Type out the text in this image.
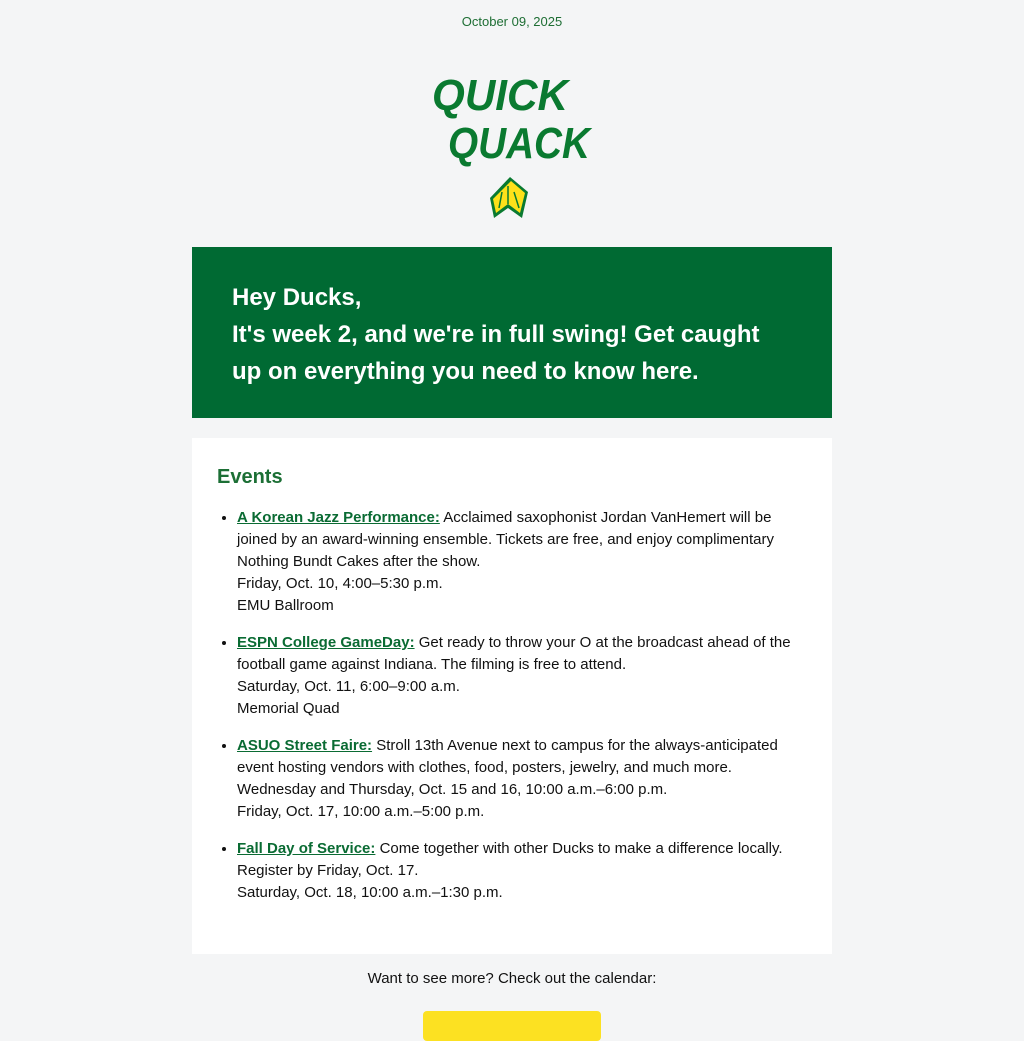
October 09, 2025
QUICK
QUACK

Hey Ducks,

It's week 2, and we're in full swing! Get caught up on everything you need to know here.

Events
• A Korean Jazz Performance: Acclaimed saxophonist Jordan VanHemert will be joined by an award-winning ensemble. Tickets are free, and enjoy complimentary Nothing Bundt Cakes after the show.
Friday, Oct. 10, 4:00–5:30 p.m.
EMU Ballroom
• ESPN College GameDay: Get ready to throw your O at the broadcast ahead of the football game against Indiana. The filming is free to attend.
Saturday, Oct. 11, 6:00–9:00 a.m.
Memorial Quad
• ASUO Street Faire: Stroll 13th Avenue next to campus for the always-anticipated event hosting vendors with clothes, food, posters, jewelry, and much more.
Wednesday and Thursday, Oct. 15 and 16, 10:00 a.m.–6:00 p.m.
Friday, Oct. 17, 10:00 a.m.–5:00 p.m.
• Fall Day of Service: Come together with other Ducks to make a difference locally.
Register by Friday, Oct. 17.
Saturday, Oct. 18, 10:00 a.m.–1:30 p.m.
Want to see more? Check out the calendar:
